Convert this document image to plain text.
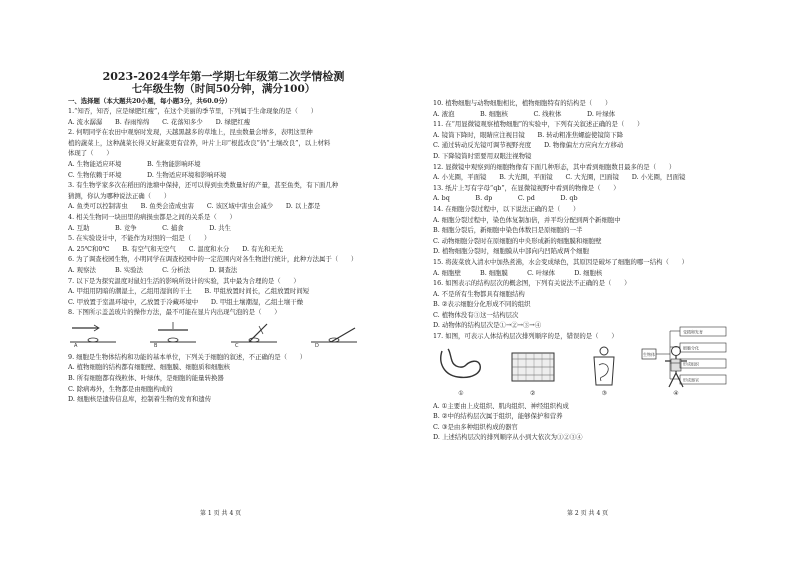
2023-2024学年第一学期七年级第二次学情检测
七年级生物（时间50分钟，满分100）
一、选择题（本大题共20小题，每小题3分，共60.0分）
1.“知否，知否，应是绿肥红瘦”，在这个美丽的季节里，下列属于生命现象的是（　　）
A. 流水潺潺　　B. 春雨绵绵　　C. 花落知多少　　D. 绿肥红瘦
2. 何明同学在农田中观察时发现，天越黑越多的草地上，昆虫数量会增多，表明这里种
植的蔬菜上，这种蔬菜长得又好蔬菜更有营养，叶片上印“根蓝改良”仍“土壤改良”，以上材料
体现了（　　）
A. 生物能适应环境　　　　B. 生物能影响环境
C. 生物依赖于环境　　　　D. 生物适应环境和影响环境
3. 有生物学家多次在稻田的池塘中保持，还可以得到虫类数量好的产量，甚至鱼类，有下面几种
猜测，你认为哪种说法正确（　　）
A. 鱼类可以控制害虫　　B. 鱼类会造成虫害　　C. 该区域中害虫会减少　　D. 以上都是
4. 相关生物同一块田里的病损虫都是之间的关系是（　　）
A. 互助　　　　B. 竞争　　　　C. 捕食　　　　D. 共生
5. 在实验设计中，不能作为对照的一组是（　　）
A. 25℃和0℃　　B. 有空气和无空气　　C. 温度和水分　　D. 有光和无光
6. 为了调查校园生物，小明同学在调查校园中的一定范围内对各生物进行统计，此种方法属于（　　）
A. 观察法　　　B. 实验法　　　C. 分析法　　　D. 调查法
7. 以下是为探究温度对鼠妇生活的影响所设计的实验，其中最为合理的是（　　）
A. 甲组用阴暗的潮湿土，乙组用湿润的干土　　B. 甲组放置时间长，乙组放置时间短
C. 甲放置于室温环境中，乙放置于冷藏环境中　　D. 甲组土壤潮湿，乙组土壤干燥
8. 下图所示盖盖玻片的操作方法，最不可能在显片内出现气泡的是（　　）
A	B	C	D
9. 细胞是生物体结构和功能的基本单位，下列关于细胞的叙述，不正确的是（　　）
A. 植物细胞的结构都有细胞壁、细胞膜、细胞质和细胞核
B. 所有细胞都有线粒体、叶绿体，是细胞的能量转换器
C. 除病毒外，生物都是由细胞构成的
D. 细胞核是遗传信息库，控制着生物的发育和遗传
第 1 页 共 4 页
10. 植物细胞与动物细胞相比，植物细胞特有的结构是（　　）
A. 液泡　　　　B. 细胞核　　　　C. 线粒体　　　　D. 叶绿体
11. 在“用显微镜观察植物细胞”的实验中，下列有关叙述正确的是（　　）
A. 镜筒下降时，眼睛应注视目镜　　B. 转动粗准焦螺旋使镜筒下降
C. 通过转动反光镜可调节视野亮度　　D. 物像偏左方应向左方移动
D. 下降镜筒时需要用双眼注视物镜
12. 显微镜中观察到的细胞物像有下面几种形态，其中看到细胞数目最多的是（　　）
A. 小光圈，平面镜　　B. 大光圈，平面镜　　C. 大光圈，凹面镜　　D. 小光圈，凹面镜
13. 纸片上写有字母“qb”，在显微镜视野中看到的物像是（　　）
A. bq　　　　B. dp　　　　C. pd　　　　D. qb
14. 在细胞分裂过程中，以下说法正确的是（　　）
A. 细胞分裂过程中，染色体复制加倍，并平均分配到两个新细胞中
B. 细胞分裂后，新细胞中染色体数目是原细胞的一半
C. 动物细胞分裂时在原细胞的中央形成新的细胞膜和细胞壁
D. 植物细胞分裂时，细胞膜从中部向内凹陷成两个细胞
15. 将菠菜放入清水中加热煮沸，水会变成绿色，其原因是破坏了细胞的哪一结构（　　）
A. 细胞壁　　　B. 细胞膜　　　C. 叶绿体　　　D. 细胞核
16. 如图表示的结构层次的概念图，下列有关说法不正确的是（　　）
A. 不是所有生物都具有细胞结构
B. ②表示细胞分化形成不同的组织
C. 植物体没有③这一结构层次
D. 动物体的结构层次是①→②→③→④
17. 如图，可表示人体结构层次排列顺序的是，错误的是（　　）
①	②	③	④
A. ①主要由上皮组织、肌肉组织、神经组织构成
B. ②中的结构层次属于组织，能够保护和营养
C. ③是由多种组织构成的器官
D. 上述结构层次的排列顺序从小到大依次为①②③④
生物体
受精卵发育
细胞分化
形成组织
形成器官
第 2 页 共 4 页
